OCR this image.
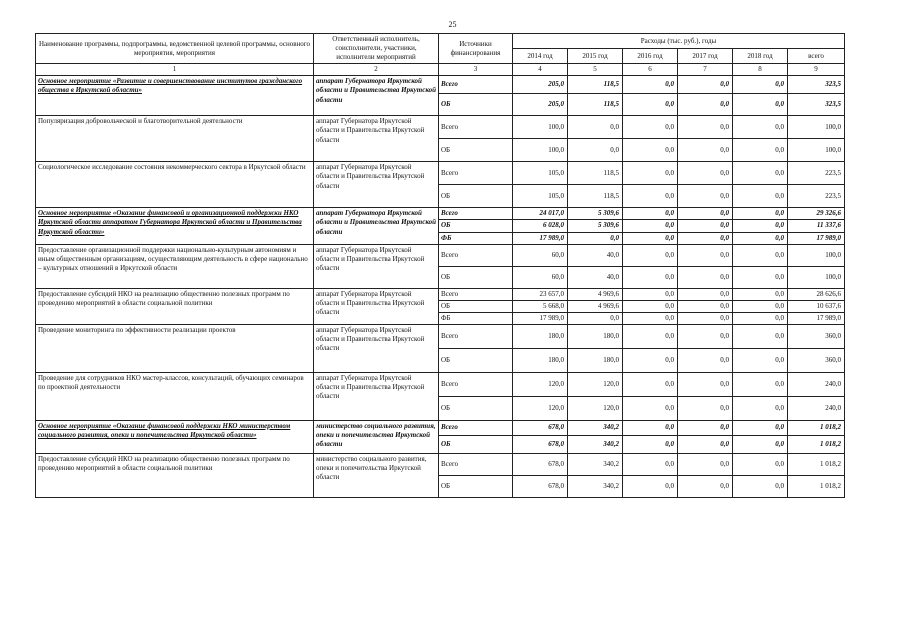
25
Наименование программы, подпрограммы, ведомственной целевой программы, основного мероприятия, мероприятия	Ответственный исполнитель, соисполнители, участники, исполнители мероприятий	Источники финансирования	Расходы (тыс. руб.), годы					
			2014 год	2015 год	2016 год	2017 год	2018 год	всего
1	2	3	4	5	6	7	8	9
Основное мероприятие «Развитие и совершенствование институтов гражданского общества в Иркутской области»	аппарат Губернатора Иркутской области и Правительства Иркутской области	Всего	205,0	118,5	0,0	0,0	0,0	323,5
		ОБ	205,0	118,5	0,0	0,0	0,0	323,5
Популяризация добровольческой и благотворительной деятельности	аппарат Губернатора Иркутской области и Правительства Иркутской области	Всего	100,0	0,0	0,0	0,0	0,0	100,0
		ОБ	100,0	0,0	0,0	0,0	0,0	100,0
Социологическое исследование состояния некоммерческого сектора в Иркутской области	аппарат Губернатора Иркутской области и Правительства Иркутской области	Всего	105,0	118,5	0,0	0,0	0,0	223,5
		ОБ	105,0	118,5	0,0	0,0	0,0	223,5
Основное мероприятие «Оказание финансовой и организационной поддержки НКО Иркутской области аппаратом Губернатора Иркутской области и Правительства Иркутской области»	аппарат Губернатора Иркутской области и Правительства Иркутской области	Всего	24 017,0	5 309,6	0,0	0,0	0,0	29 326,6
		ОБ	6 028,0	5 309,6	0,0	0,0	0,0	11 337,6
		ФБ	17 989,0	0,0	0,0	0,0	0,0	17 989,0
Предоставление организационной поддержки национально-культурным автономиям и иным общественным организациям, осуществляющим деятельность в сфере национально – культурных отношений в Иркутской области	аппарат Губернатора Иркутской области и Правительства Иркутской области	Всего	60,0	40,0	0,0	0,0	0,0	100,0
		ОБ	60,0	40,0	0,0	0,0	0,0	100,0
Предоставление субсидий НКО на реализацию общественно полезных программ по проведению мероприятий в области социальной политики	аппарат Губернатора Иркутской области и Правительства Иркутской области	Всего	23 657,0	4 969,6	0,0	0,0	0,0	28 626,6
		ОБ	5 668,0	4 969,6	0,0	0,0	0,0	10 637,6
		ФБ	17 989,0	0,0	0,0	0,0	0,0	17 989,0
Проведение мониторинга по эффективности реализации проектов	аппарат Губернатора Иркутской области и Правительства Иркутской области	Всего	180,0	180,0	0,0	0,0	0,0	360,0
		ОБ	180,0	180,0	0,0	0,0	0,0	360,0
Проведение для сотрудников НКО мастер-классов, консультаций, обучающих семинаров по проектной деятельности	аппарат Губернатора Иркутской области и Правительства Иркутской области	Всего	120,0	120,0	0,0	0,0	0,0	240,0
		ОБ	120,0	120,0	0,0	0,0	0,0	240,0
Основное мероприятие «Оказание финансовой поддержки НКО министерством социального развития, опеки и попечительства Иркутской области»	министерство социального развития, опеки и попечительства Иркутской области	Всего	678,0	340,2	0,0	0,0	0,0	1 018,2
		ОБ	678,0	340,2	0,0	0,0	0,0	1 018,2
Предоставление субсидий НКО на реализацию общественно полезных программ по проведению мероприятий в области социальной политики	министерство социального развития, опеки и попечительства Иркутской области	Всего	678,0	340,2	0,0	0,0	0,0	1 018,2
		ОБ	678,0	340,2	0,0	0,0	0,0	1 018,2
